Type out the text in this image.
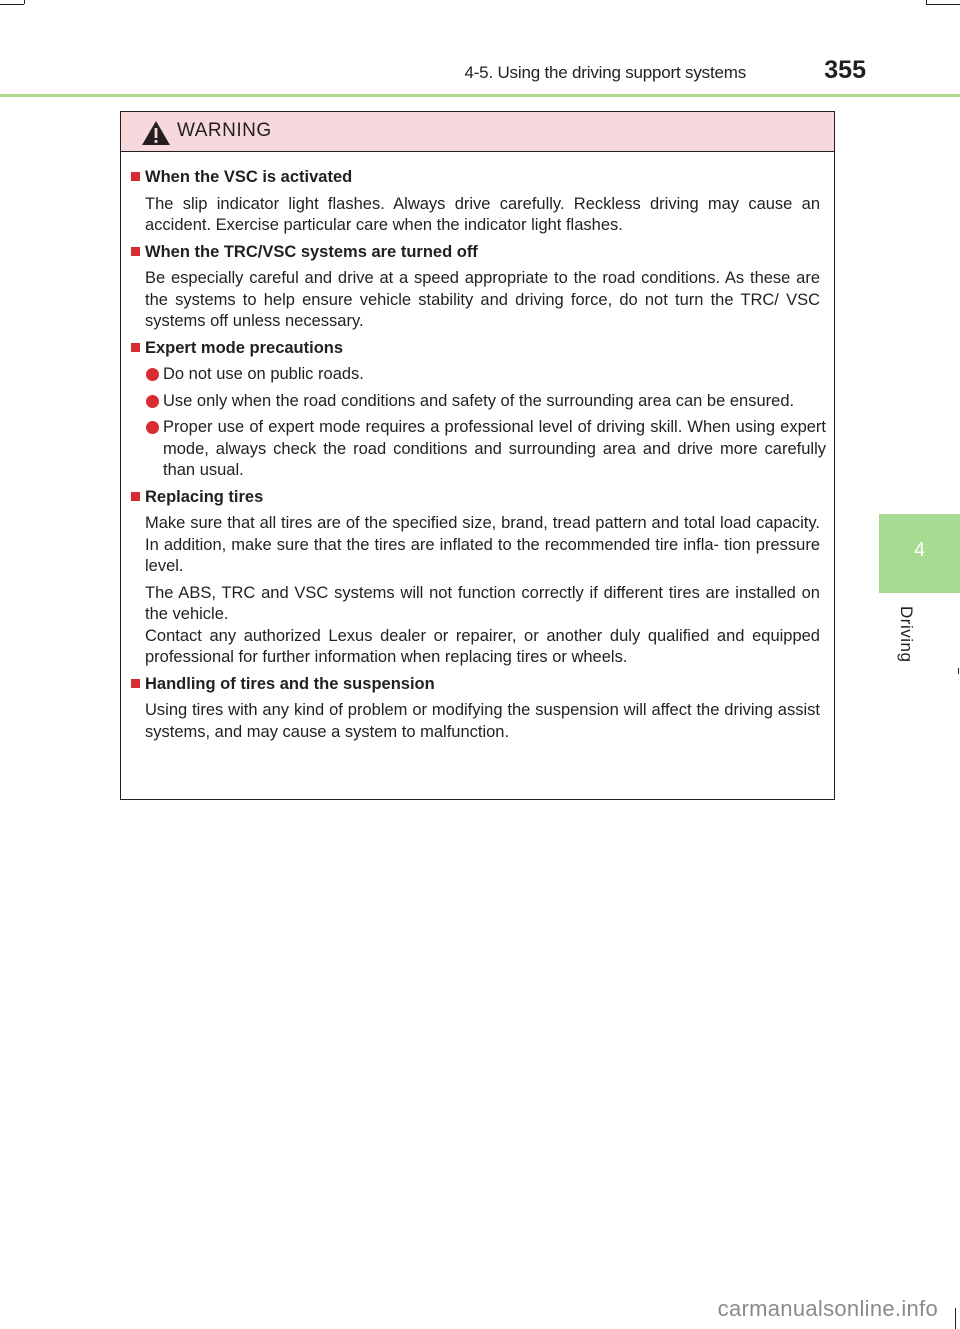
4-5. Using the driving support systems	355
4
Driving
WARNING
When the VSC is activated
The slip indicator light flashes. Always drive carefully. Reckless driving may cause an accident. Exercise particular care when the indicator light flashes.
When the TRC/VSC systems are turned off
Be especially careful and drive at a speed appropriate to the road conditions. As these are the systems to help ensure vehicle stability and driving force, do not turn the TRC/ VSC systems off unless necessary.
Expert mode precautions
Do not use on public roads.
Use only when the road conditions and safety of the surrounding area can be ensured.
Proper use of expert mode requires a professional level of driving skill. When using expert mode, always check the road conditions and surrounding area and drive more carefully than usual.
Replacing tires
Make sure that all tires are of the specified size, brand, tread pattern and total load capacity. In addition, make sure that the tires are inflated to the recommended tire infla- tion pressure level.
The ABS, TRC and VSC systems will not function correctly if different tires are installed on the vehicle.
Contact any authorized Lexus dealer or repairer, or another duly qualified and equipped professional for further information when replacing tires or wheels.
Handling of tires and the suspension
Using tires with any kind of problem or modifying the suspension will affect the driving assist systems, and may cause a system to malfunction.
carmanualsonline.info
